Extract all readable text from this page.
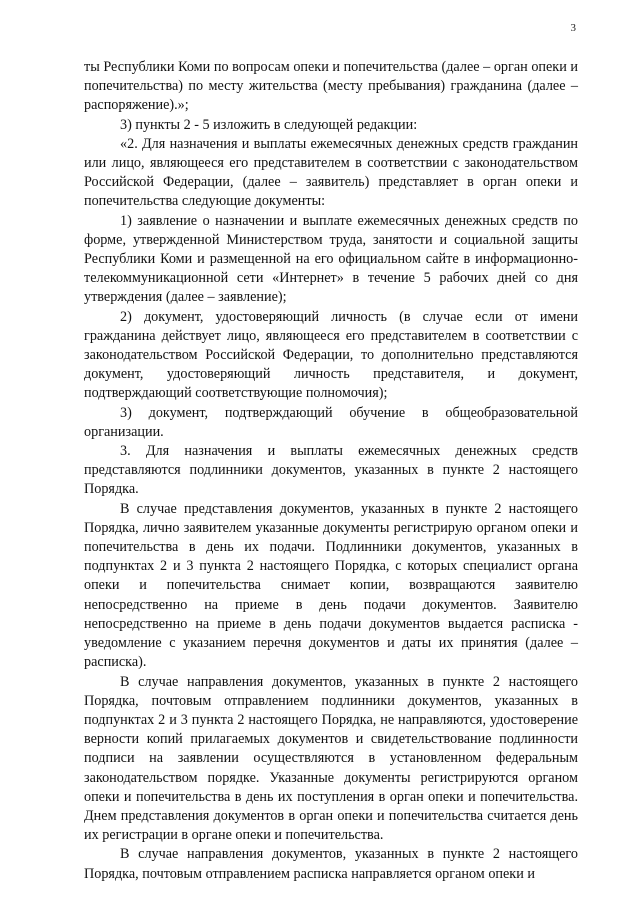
3

ты Республики Коми по вопросам опеки и попечительства (далее – орган опеки и попечительства) по месту жительства (месту пребывания) гражданина (далее – распоряжение).»;

3) пункты 2 - 5 изложить в следующей редакции:

«2. Для назначения и выплаты ежемесячных денежных средств гражданин или лицо, являющееся его представителем в соответствии с законодательством Российской Федерации, (далее – заявитель) представляет в орган опеки и попечительства следующие документы:

1) заявление о назначении и выплате ежемесячных денежных средств по форме, утвержденной Министерством труда, занятости и социальной защиты Республики Коми и размещенной на его официальном сайте в информационно-телекоммуникационной сети «Интернет» в течение 5 рабочих дней со дня утверждения (далее – заявление);

2) документ, удостоверяющий личность (в случае если от имени гражданина действует лицо, являющееся его представителем в соответствии с законодательством Российской Федерации, то дополнительно представляются документ, удостоверяющий личность представителя, и документ, подтверждающий соответствующие полномочия);

3) документ, подтверждающий обучение в общеобразовательной организации.

3. Для назначения и выплаты ежемесячных денежных средств представляются подлинники документов, указанных в пункте 2 настоящего Порядка.

В случае представления документов, указанных в пункте 2 настоящего Порядка, лично заявителем указанные документы регистрирую органом опеки и попечительства в день их подачи. Подлинники документов, указанных в подпунктах 2 и 3 пункта 2 настоящего Порядка, с которых специалист органа опеки и попечительства снимает копии, возвращаются заявителю непосредственно на приеме в день подачи документов. Заявителю непосредственно на приеме в день подачи документов выдается расписка - уведомление с указанием перечня документов и даты их принятия (далее – расписка).

В случае направления документов, указанных в пункте 2 настоящего Порядка, почтовым отправлением подлинники документов, указанных в подпунктах 2 и 3 пункта 2 настоящего Порядка, не направляются, удостоверение верности копий прилагаемых документов и свидетельствование подлинности подписи на заявлении осуществляются в установленном федеральным законодательством порядке. Указанные документы регистрируются органом опеки и попечительства в день их поступления в орган опеки и попечительства. Днем представления документов в орган опеки и попечительства считается день их регистрации в органе опеки и попечительства.

В случае направления документов, указанных в пункте 2 настоящего Порядка, почтовым отправлением расписка направляется органом опеки и
